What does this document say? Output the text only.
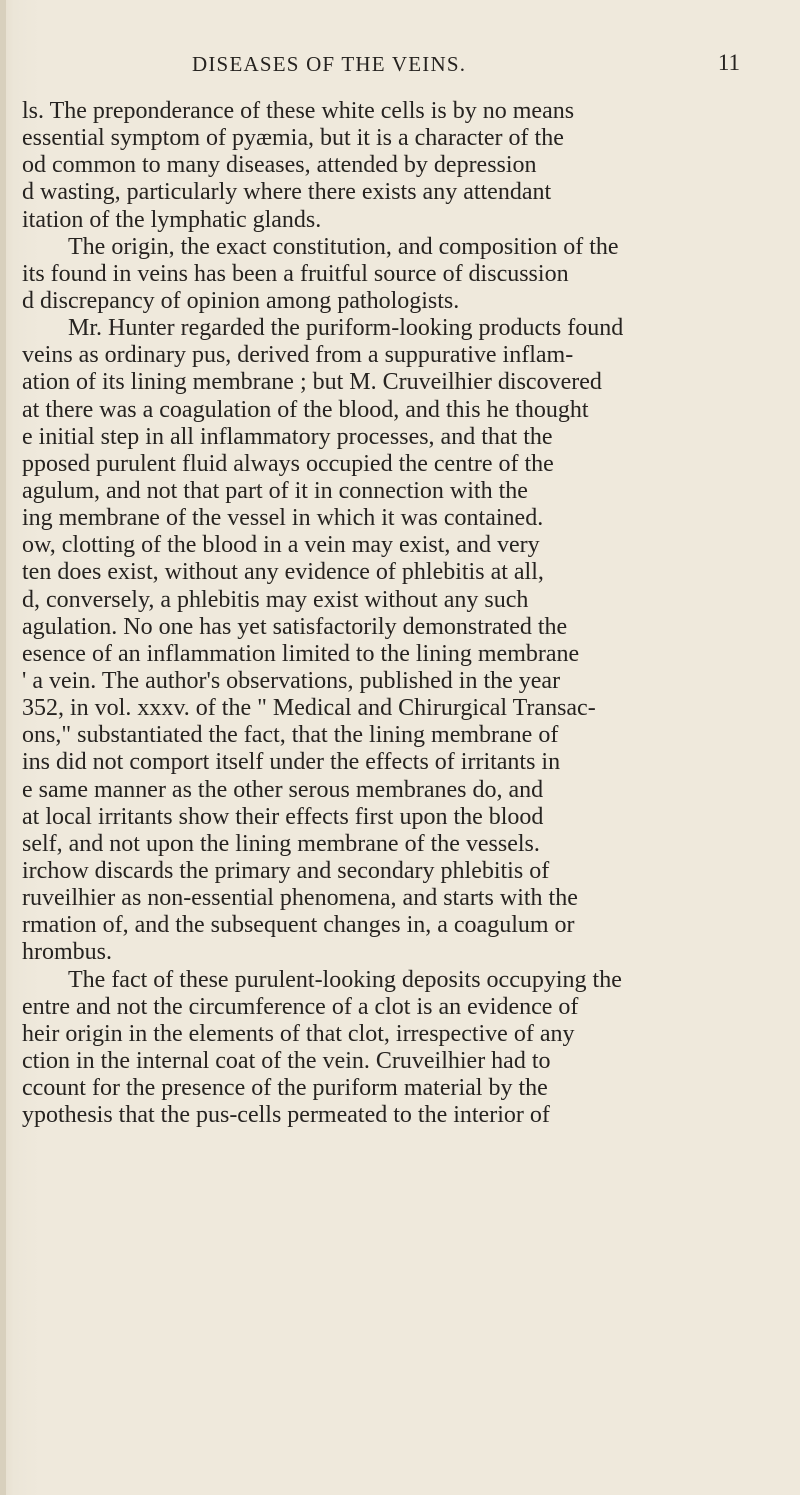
DISEASES OF THE VEINS.	11
ls. The preponderance of these white cells is by no means
essential symptom of pyæmia, but it is a character of the
od common to many diseases, attended by depression
d wasting, particularly where there exists any attendant
itation of the lymphatic glands.
The origin, the exact constitution, and composition of the
its found in veins has been a fruitful source of discussion
d discrepancy of opinion among pathologists.
Mr. Hunter regarded the puriform-looking products found
veins as ordinary pus, derived from a suppurative inflam-
ation of its lining membrane ; but M. Cruveilhier discovered
at there was a coagulation of the blood, and this he thought
e initial step in all inflammatory processes, and that the
pposed purulent fluid always occupied the centre of the
agulum, and not that part of it in connection with the
ing membrane of the vessel in which it was contained.
ow, clotting of the blood in a vein may exist, and very
ten does exist, without any evidence of phlebitis at all,
d, conversely, a phlebitis may exist without any such
agulation. No one has yet satisfactorily demonstrated the
esence of an inflammation limited to the lining membrane
' a vein. The author's observations, published in the year
352, in vol. xxxv. of the " Medical and Chirurgical Transac-
ons," substantiated the fact, that the lining membrane of
ins did not comport itself under the effects of irritants in
e same manner as the other serous membranes do, and
at local irritants show their effects first upon the blood
self, and not upon the lining membrane of the vessels.
irchow discards the primary and secondary phlebitis of
ruveilhier as non-essential phenomena, and starts with the
rmation of, and the subsequent changes in, a coagulum or
hrombus.
The fact of these purulent-looking deposits occupying the
entre and not the circumference of a clot is an evidence of
heir origin in the elements of that clot, irrespective of any
ction in the internal coat of the vein. Cruveilhier had to
ccount for the presence of the puriform material by the
ypothesis that the pus-cells permeated to the interior of
